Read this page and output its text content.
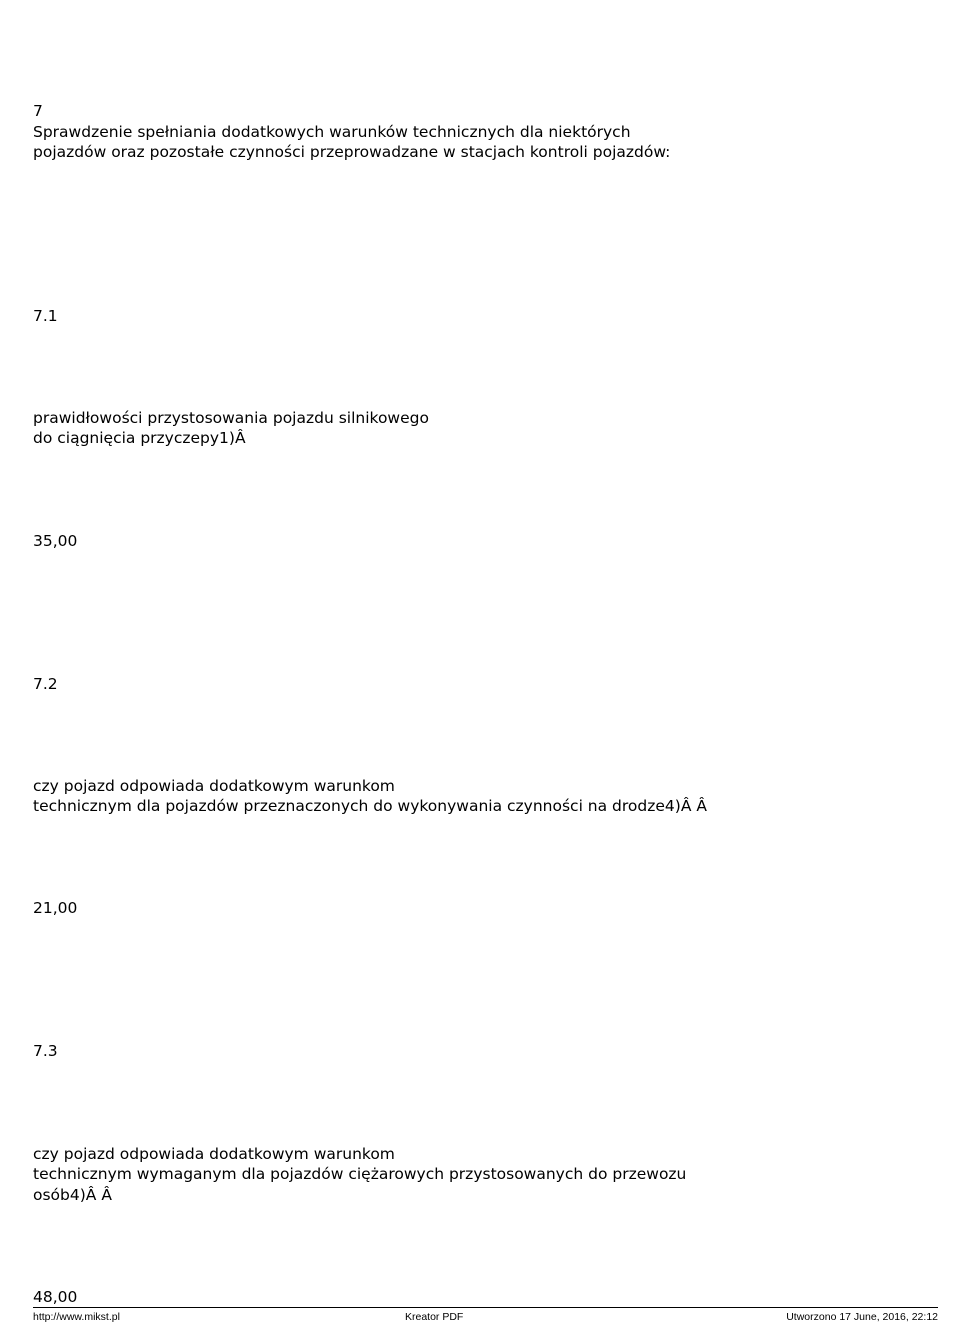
7
Sprawdzenie spełniania dodatkowych warunków technicznych dla niektórych
pojazdów oraz pozostałe czynności przeprowadzane w stacjach kontroli pojazdów:
7.1
prawidłowości przystosowania pojazdu silnikowego
do ciągnięcia przyczepy1)Â
35,00
7.2
czy pojazd odpowiada dodatkowym warunkom
technicznym dla pojazdów przeznaczonych do wykonywania czynności na drodze4)Â Â
21,00
7.3
czy pojazd odpowiada dodatkowym warunkom
technicznym wymaganym dla pojazdów ciężarowych przystosowanych do przewozu
osób4)Â Â
48,00
http://www.mikst.pl	Kreator PDF	Utworzono 17 June, 2016, 22:12
